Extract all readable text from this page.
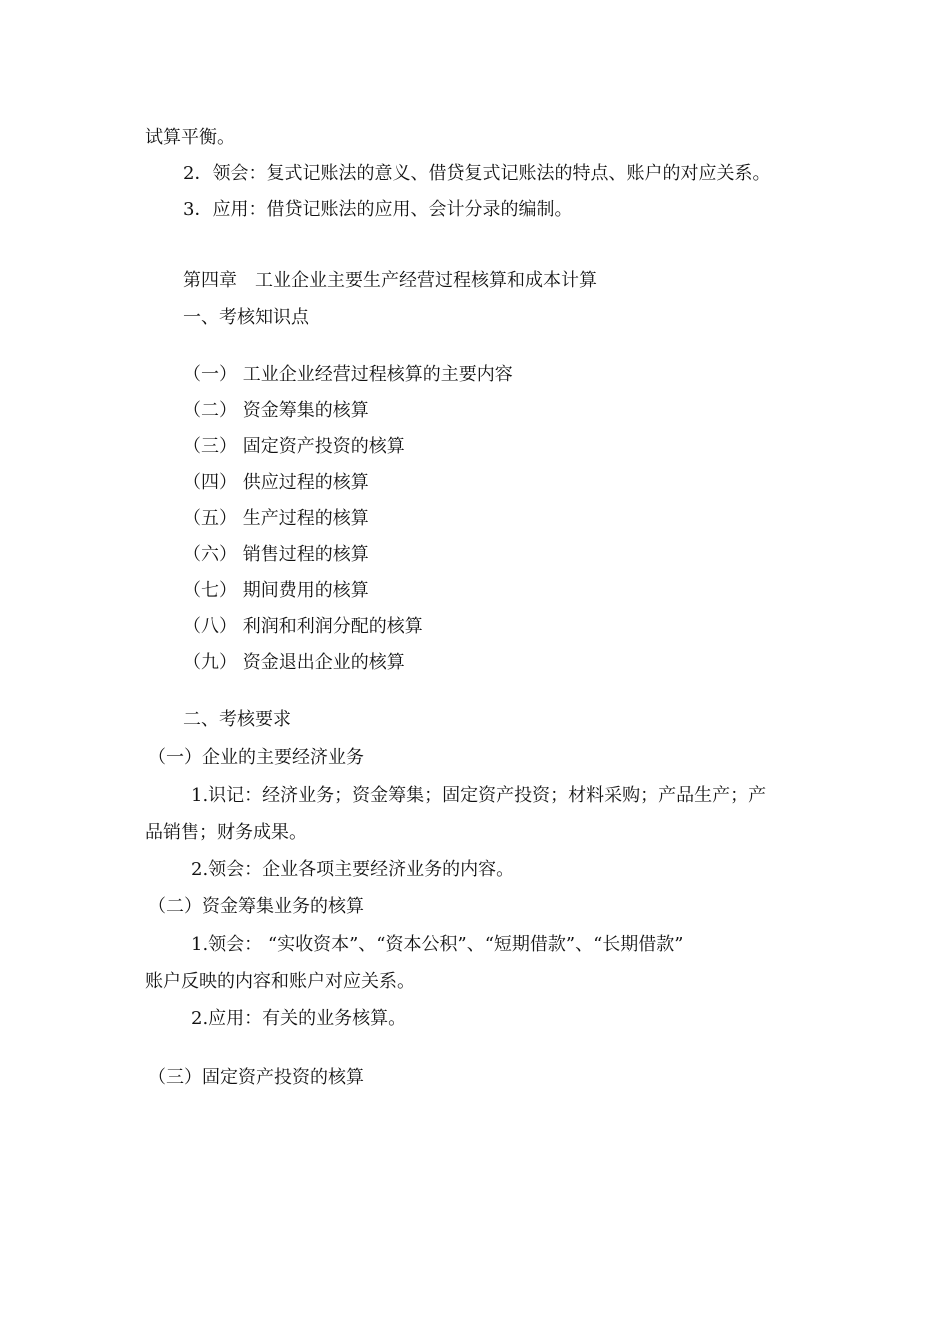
试算平衡。
2．领会：复式记账法的意义、借贷复式记账法的特点、账户的对应关系。
3．应用：借贷记账法的应用、会计分录的编制。
第四章　工业企业主要生产经营过程核算和成本计算
一、考核知识点
（一） 工业企业经营过程核算的主要内容
（二） 资金筹集的核算
（三） 固定资产投资的核算
（四） 供应过程的核算
（五） 生产过程的核算
（六） 销售过程的核算
（七） 期间费用的核算
（八） 利润和利润分配的核算
（九） 资金退出企业的核算
二、考核要求
（一）企业的主要经济业务
1.识记：经济业务；资金筹集；固定资产投资；材料采购；产品生产；产
品销售；财务成果。
2.领会：企业各项主要经济业务的内容。
（二）资金筹集业务的核算
1.领会： “实收资本”、“资本公积”、“短期借款”、“长期借款”
账户反映的内容和账户对应关系。
2.应用：有关的业务核算。
（三）固定资产投资的核算
